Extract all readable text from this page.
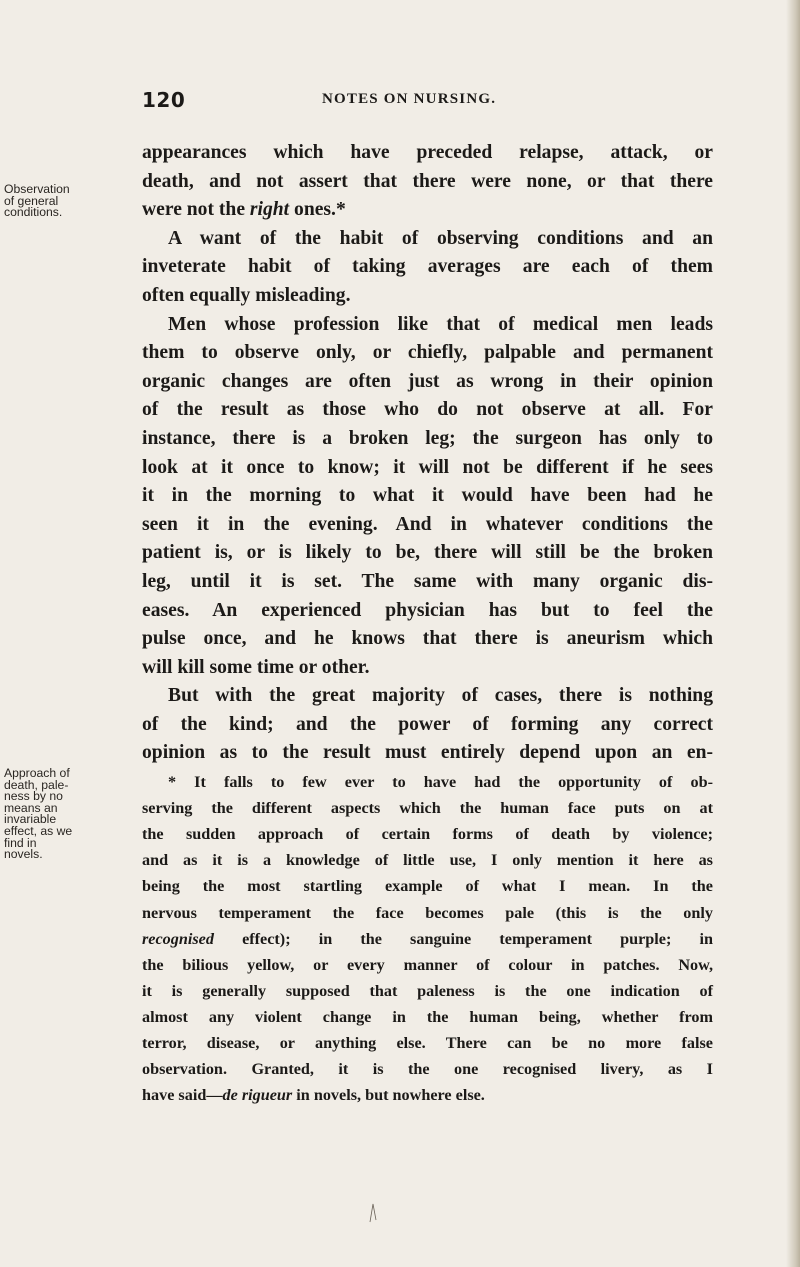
120	NOTES ON NURSING.
Observation
of general
conditions.
Approach of
death, pale-
ness by no
means an
invariable
effect, as we
find in
novels.
appearances which have preceded relapse, attack, or
death, and not assert that there were none, or that there
were not the right ones.*
A want of the habit of observing conditions and an
inveterate habit of taking averages are each of them
often equally misleading.
Men whose profession like that of medical men leads
them to observe only, or chiefly, palpable and permanent
organic changes are often just as wrong in their opinion
of the result as those who do not observe at all. For
instance, there is a broken leg; the surgeon has only to
look at it once to know; it will not be different if he sees
it in the morning to what it would have been had he
seen it in the evening. And in whatever conditions the
patient is, or is likely to be, there will still be the broken
leg, until it is set. The same with many organic dis-
eases. An experienced physician has but to feel the
pulse once, and he knows that there is aneurism which
will kill some time or other.
But with the great majority of cases, there is nothing
of the kind; and the power of forming any correct
opinion as to the result must entirely depend upon an en-
* It falls to few ever to have had the opportunity of ob-
serving the different aspects which the human face puts on at
the sudden approach of certain forms of death by violence;
and as it is a knowledge of little use, I only mention it here as
being the most startling example of what I mean. In the
nervous temperament the face becomes pale (this is the only
recognised effect); in the sanguine temperament purple; in
the bilious yellow, or every manner of colour in patches. Now,
it is generally supposed that paleness is the one indication of
almost any violent change in the human being, whether from
terror, disease, or anything else. There can be no more false
observation. Granted, it is the one recognised livery, as I
have said—de rigueur in novels, but nowhere else.
